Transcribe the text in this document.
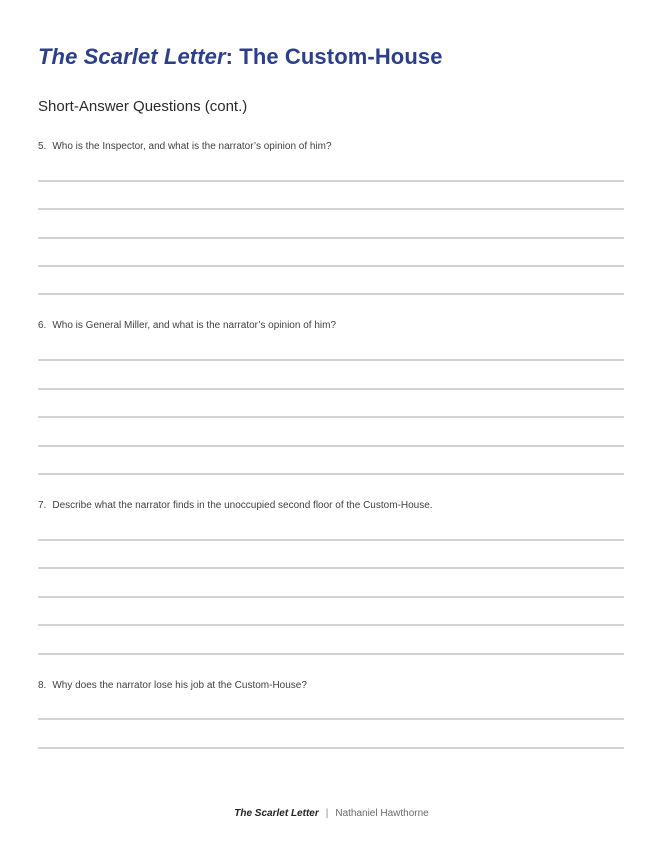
The Scarlet Letter: The Custom-House
Short-Answer Questions (cont.)
5. Who is the Inspector, and what is the narrator’s opinion of him?
6. Who is General Miller, and what is the narrator’s opinion of him?
7. Describe what the narrator finds in the unoccupied second floor of the Custom-House.
8. Why does the narrator lose his job at the Custom-House?
The Scarlet Letter | Nathaniel Hawthorne
